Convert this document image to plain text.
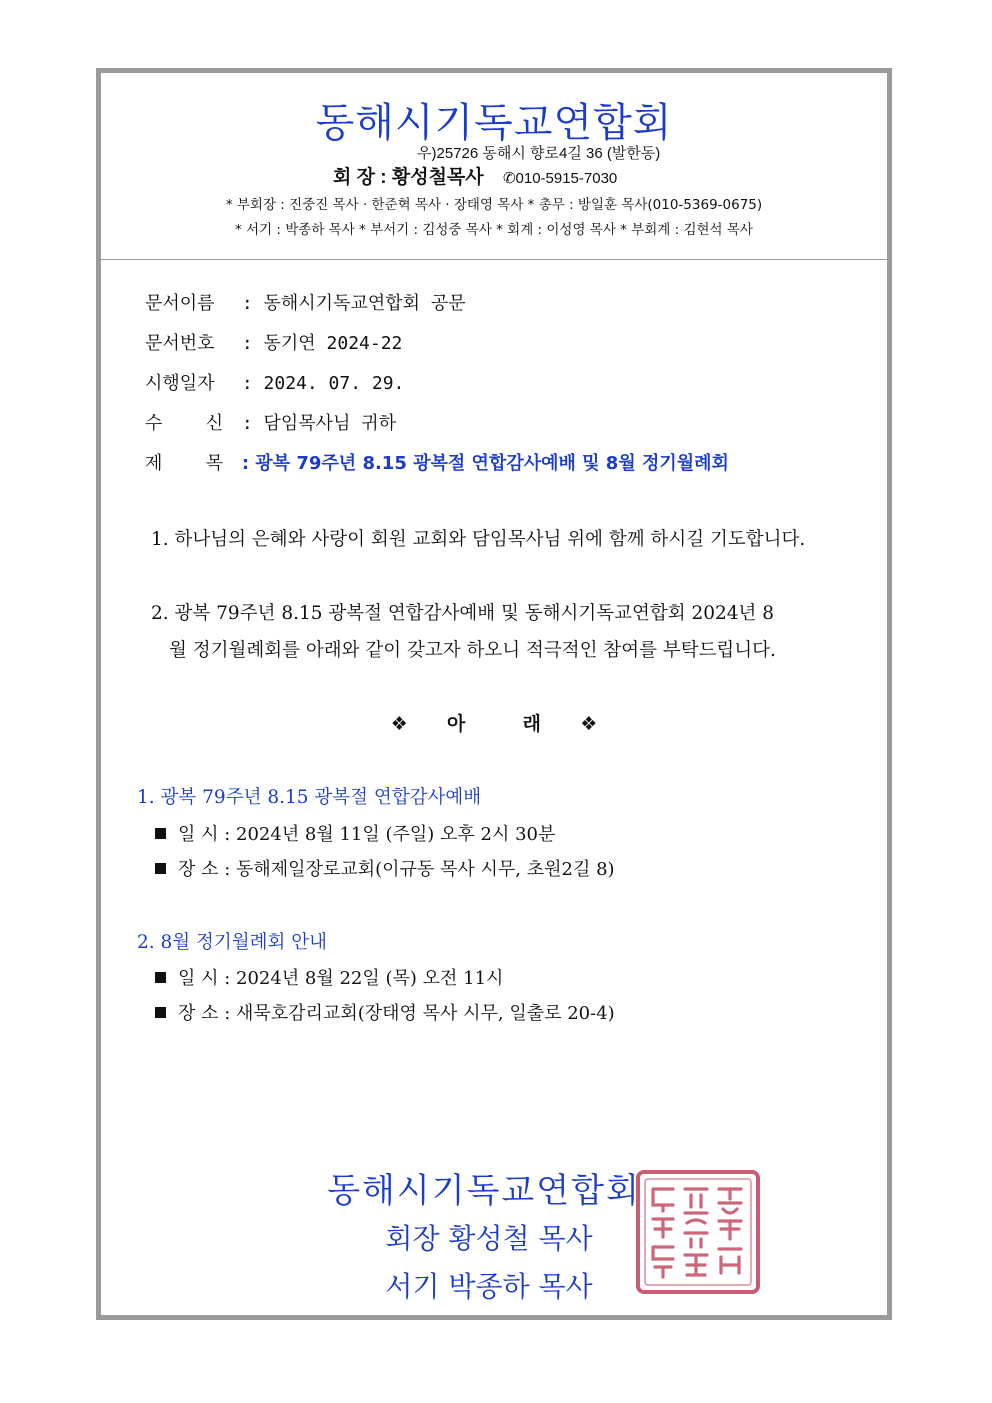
동해시기독교연합회
우)25726 동해시 향로4길 36 (발한동)
회 장 : 황성철목사 ✆010-5915-7030
* 부회장 : 진중진 목사 · 한준혁 목사 · 장태영 목사 * 총무 : 방일훈 목사(010-5369-0675)
* 서기 : 박종하 목사 * 부서기 : 김성중 목사 * 회계 : 이성영 목사 * 부회계 : 김현석 목사
문서이름 : 동해시기독교연합회 공문
문서번호 : 동기연 2024-22
시행일자 : 2024. 07. 29.
수    신 : 담임목사님 귀하
제    목 : 광복 79주년 8.15 광복절 연합감사예배 및 8월 정기월례회
1. 하나님의 은혜와 사랑이 회원 교회와 담임목사님 위에 함께 하시길 기도합니다.
2. 광복 79주년 8.15 광복절 연합감사예배 및 동해시기독교연합회 2024년 8
월 정기월례회를 아래와 같이 갖고자 하오니 적극적인 참여를 부탁드립니다.
❖ 아	래 ❖
1. 광복 79주년 8.15 광복절 연합감사예배
일 시 : 2024년 8월 11일 (주일) 오후 2시 30분
장 소 : 동해제일장로교회(이규동 목사 시무, 초원2길 8)
2. 8월 정기월례회 안내
일 시 : 2024년 8월 22일 (목) 오전 11시
장 소 : 새묵호감리교회(장태영 목사 시무, 일출로 20-4)
동해시기독교연합회
회장 황성철 목사
서기 박종하 목사
